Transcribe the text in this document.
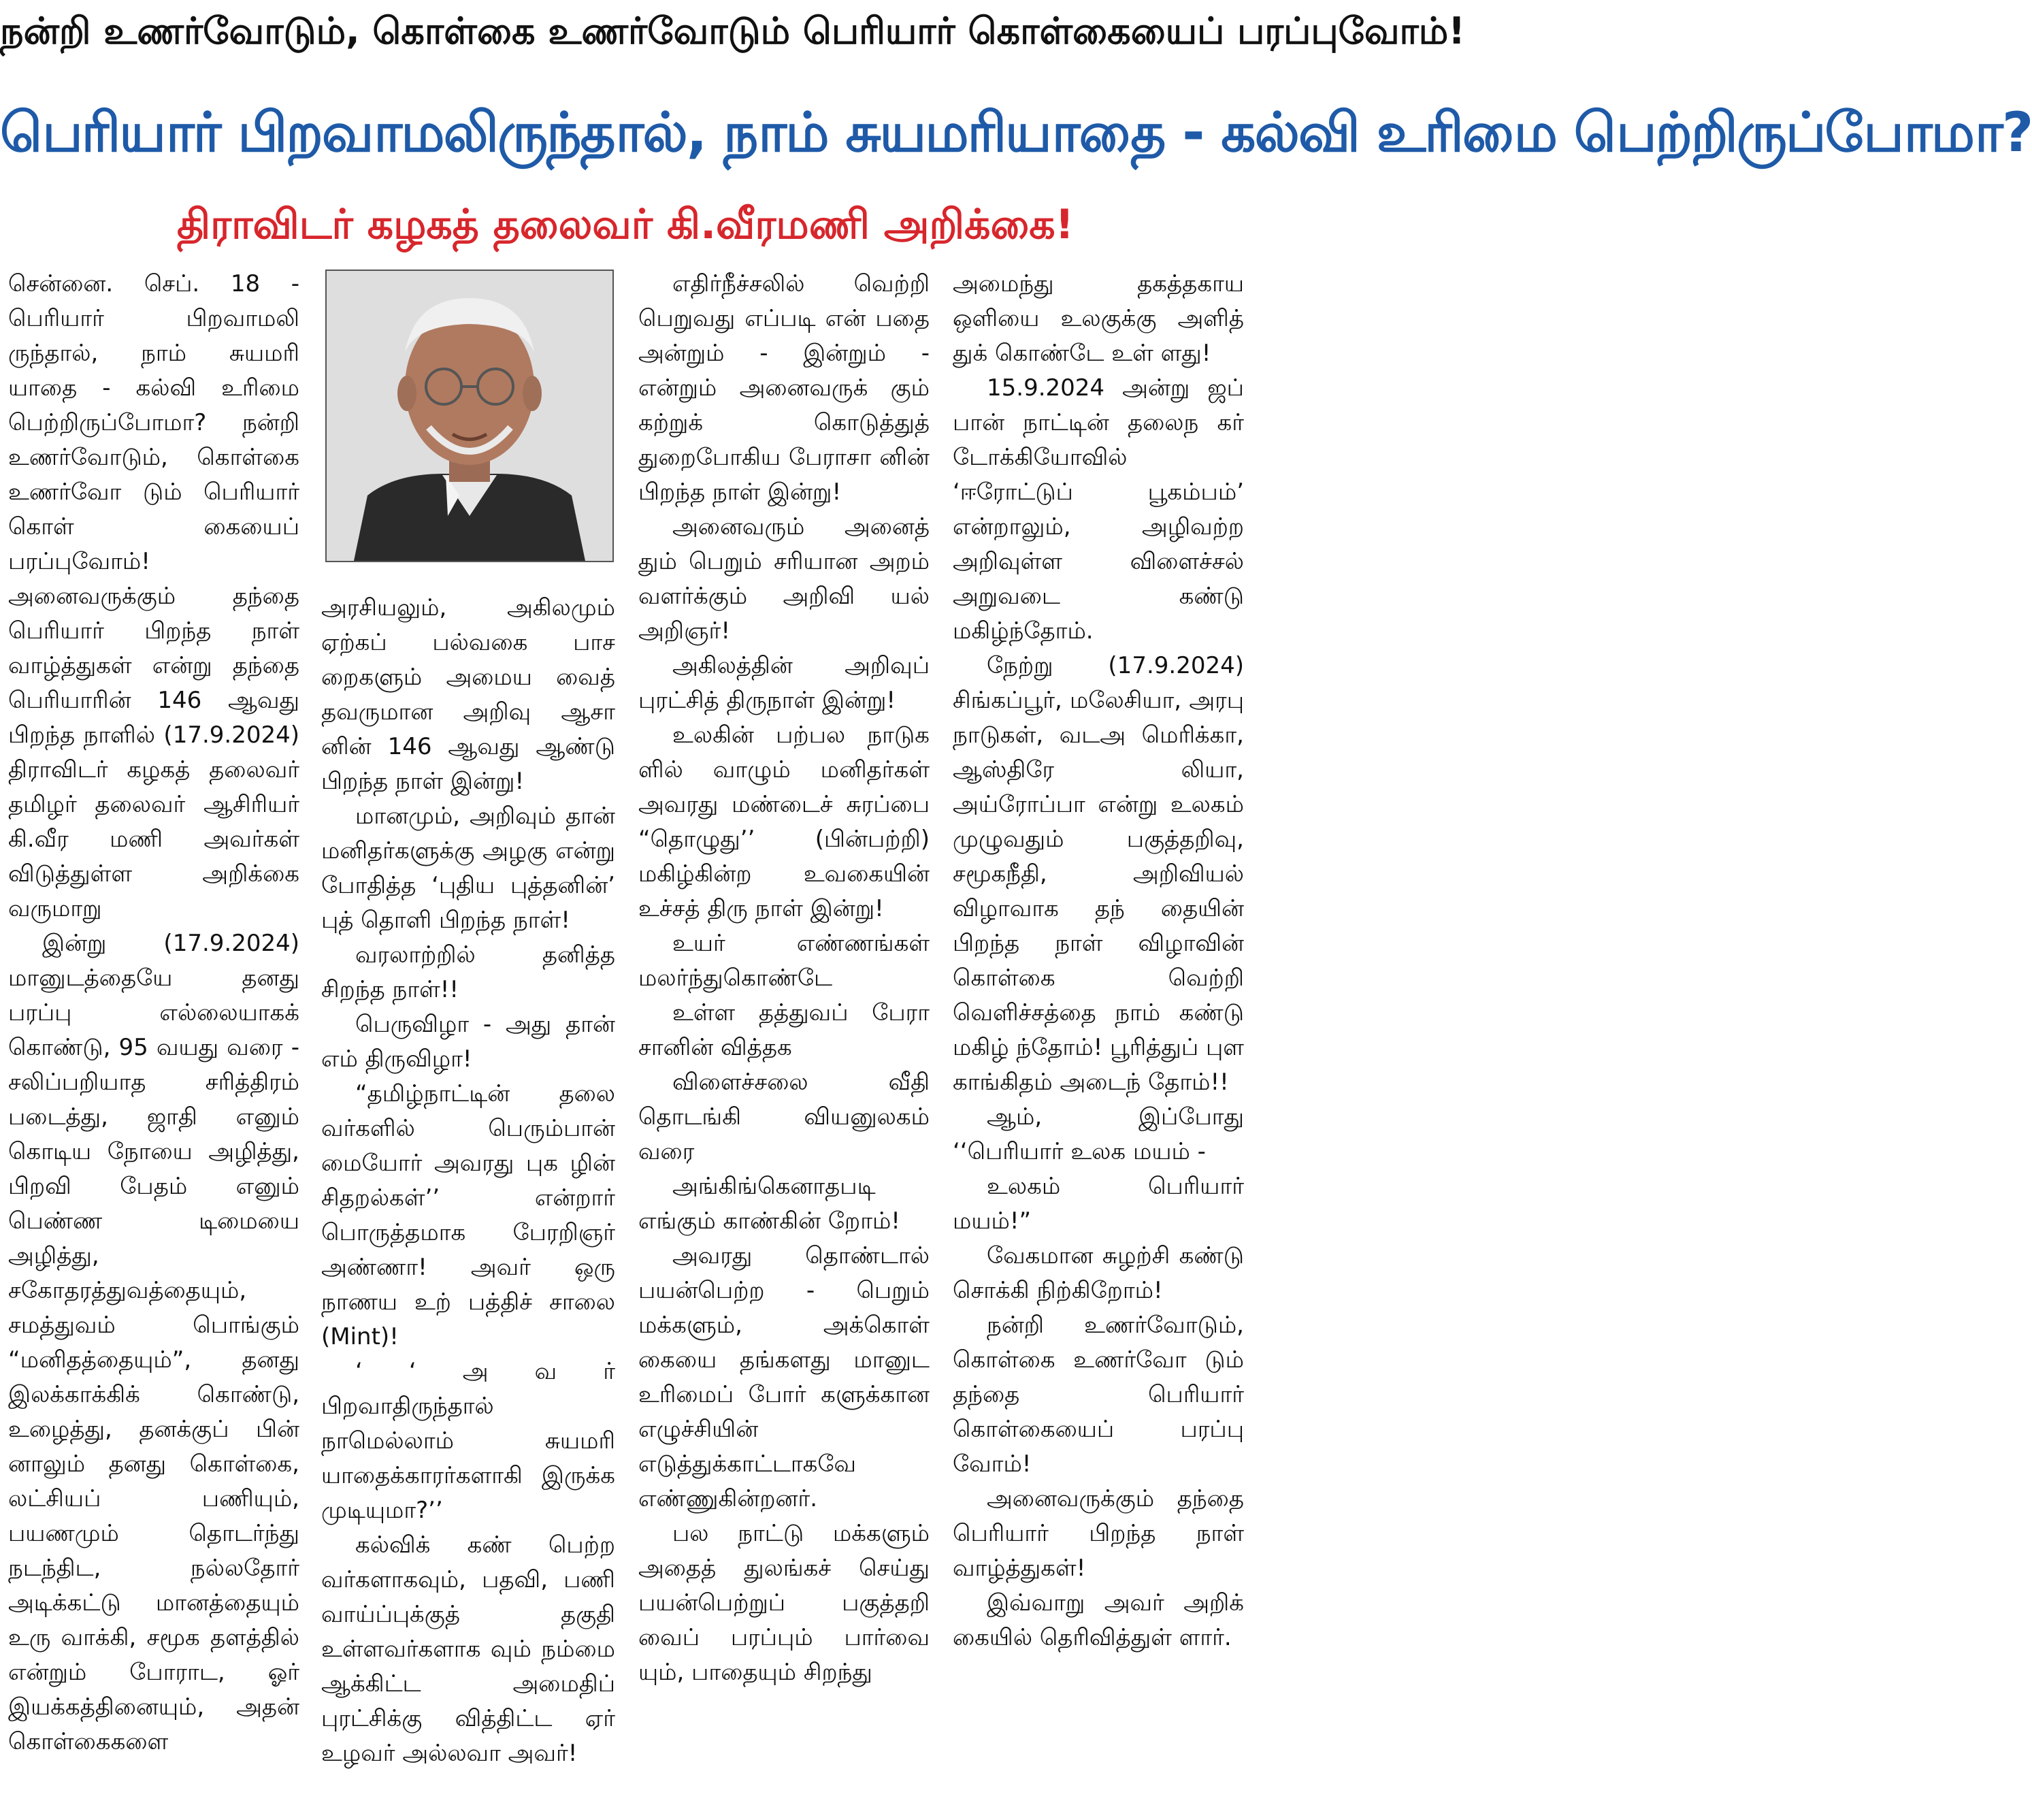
நன்றி உணர்வோடும், கொள்கை உணர்வோடும் பெரியார் கொள்கையைப் பரப்புவோம்!
பெரியார் பிறவாமலிருந்தால், நாம் சுயமரியாதை - கல்வி உரிமை பெற்றிருப்போமா?
திராவிடர் கழகத் தலைவர் கி.வீரமணி அறிக்கை!

சென்னை. செப். 18 - பெரியார் பிறவாமலி ருந்தால், நாம் சுயமரி யாதை - கல்வி உரிமை பெற்றிருப்போமா? நன்றி உணர்வோடும், கொள்கை உணர்வோ டும் பெரியார் கொள் கையைப் பரப்புவோம்! அனைவருக்கும் தந்தை பெரியார் பிறந்த நாள் வாழ்த்துகள் என்று தந்தை பெரியாரின் 146 ஆவது பிறந்த நாளில் (17.9.2024) திராவிடர் கழகத் தலைவர் தமிழர் தலைவர் ஆசிரியர் கி.வீர மணி அவர்கள் விடுத்துள்ள அறிக்கை வருமாறு

இன்று (17.9.2024) மானுடத்தையே தனது பரப்பு எல்லையாகக் கொண்டு, 95 வயது வரை - சலிப்பறியாத சரித்திரம் படைத்து, ஜாதி எனும் கொடிய நோயை அழித்து, பிறவி பேதம் எனும் பெண்ண டிமையை அழித்து, சகோதரத்துவத்தையும், சமத்துவம் பொங்கும் “மனிதத்தையும்”, தனது இலக்காக்கிக் கொண்டு, உழைத்து, தனக்குப் பின் னாலும் தனது கொள்கை, லட்சியப் பணியும், பயணமும் தொடர்ந்து நடந்திட, நல்லதோர் அடிக்கட்டு மானத்தையும் உரு வாக்கி, சமூக தளத்தில் என்றும் போராட, ஓர் இயக்கத்தினையும், அதன் கொள்கைகளை

அரசியலும், அகிலமும் ஏற்கப் பல்வகை பாச றைகளும் அமைய வைத் தவருமான அறிவு ஆசா னின் 146 ஆவது ஆண்டு பிறந்த நாள் இன்று!

மானமும், அறிவும் தான் மனிதர்களுக்கு அழகு என்று போதித்த ‘புதிய புத்தனின்’ புத் தொளி பிறந்த நாள்!

வரலாற்றில் தனித்த சிறந்த நாள்!!

பெருவிழா - அது தான் எம் திருவிழா!

“தமிழ்நாட்டின் தலை வர்களில் பெரும்பான் மையோர் அவரது புக ழின் சிதறல்கள்’’ என்றார் பொருத்தமாக பேரறிஞர் அண்ணா! அவர் ஒரு நாணய உற் பத்திச் சாலை (Mint)!

‘ ‘ அ வ ர் பிறவாதிருந்தால் நாமெல்லாம் சுயமரி யாதைக்காரர்களாகி இருக்க முடியுமா?’’

கல்விக் கண் பெற்ற வர்களாகவும், பதவி, பணி வாய்ப்புக்குத் தகுதி உள்ளவர்களாக வும் நம்மை ஆக்கிட்ட அமைதிப் புரட்சிக்கு வித்திட்ட ஏர் உழவர் அல்லவா அவர்!

எதிர்நீச்சலில் வெற்றி பெறுவது எப்படி என் பதை அன்றும் - இன்றும் - என்றும் அனைவருக் கும் கற்றுக் கொடுத்துத் துறைபோகிய பேராசா னின் பிறந்த நாள் இன்று!

அனைவரும் அனைத் தும் பெறும் சரியான அறம் வளர்க்கும் அறிவி யல் அறிஞர்!

அகிலத்தின் அறிவுப் புரட்சித் திருநாள் இன்று!

உலகின் பற்பல நாடுக ளில் வாழும் மனிதர்கள் அவரது மண்டைச் சுரப்பை “தொழுது’’ (பின்பற்றி) மகிழ்கின்ற உவகையின் உச்சத் திரு நாள் இன்று!

உயர் எண்ணங்கள் மலர்ந்துகொண்டே

உள்ள தத்துவப் பேரா சானின் வித்தக

விளைச்சலை வீதி தொடங்கி வியனுலகம் வரை

அங்கிங்கெனாதபடி எங்கும் காண்கின் றோம்!

அவரது தொண்டால் பயன்பெற்ற - பெறும் மக்களும், அக்கொள் கையை தங்களது மானுட உரிமைப் போர் களுக்கான எழுச்சியின் எடுத்துக்காட்டாகவே எண்ணுகின்றனர்.

பல நாட்டு மக்களும் அதைத் துலங்கச் செய்து பயன்பெற்றுப் பகுத்தறி வைப் பரப்பும் பார்வை யும், பாதையும் சிறந்து

அமைந்து தகத்தகாய ஒளியை உலகுக்கு அளித் துக் கொண்டே உள் ளது!

15.9.2024 அன்று ஜப் பான் நாட்டின் தலைந கர் டோக்கியோவில் ‘ஈரோட்டுப் பூகம்பம்’ என்றாலும், அழிவற்ற அறிவுள்ள விளைச்சல் அறுவடை கண்டு மகிழ்ந்தோம்.

நேற்று (17.9.2024) சிங்கப்பூர், மலேசியா, அரபு நாடுகள், வடஅ மெரிக்கா, ஆஸ்திரே லியா, அய்ரோப்பா என்று உலகம் முழுவதும் பகுத்தறிவு, சமூகநீதி, அறிவியல் விழாவாக தந் தையின் பிறந்த நாள் விழாவின் கொள்கை வெற்றி வெளிச்சத்தை நாம் கண்டு மகிழ் ந்தோம்! பூரித்துப் புள காங்கிதம் அடைந் தோம்!!

ஆம், இப்போது ‘‘பெரியார் உலக மயம் -

உலகம் பெரியார் மயம்!”

வேகமான சுழற்சி கண்டு சொக்கி நிற்கிறோம்!

நன்றி உணர்வோடும், கொள்கை உணர்வோ டும் தந்தை பெரியார் கொள்கையைப் பரப்பு வோம்!

அனைவருக்கும் தந்தை பெரியார் பிறந்த நாள் வாழ்த்துகள்!

இவ்வாறு அவர் அறிக் கையில் தெரிவித்துள் ளார்.
